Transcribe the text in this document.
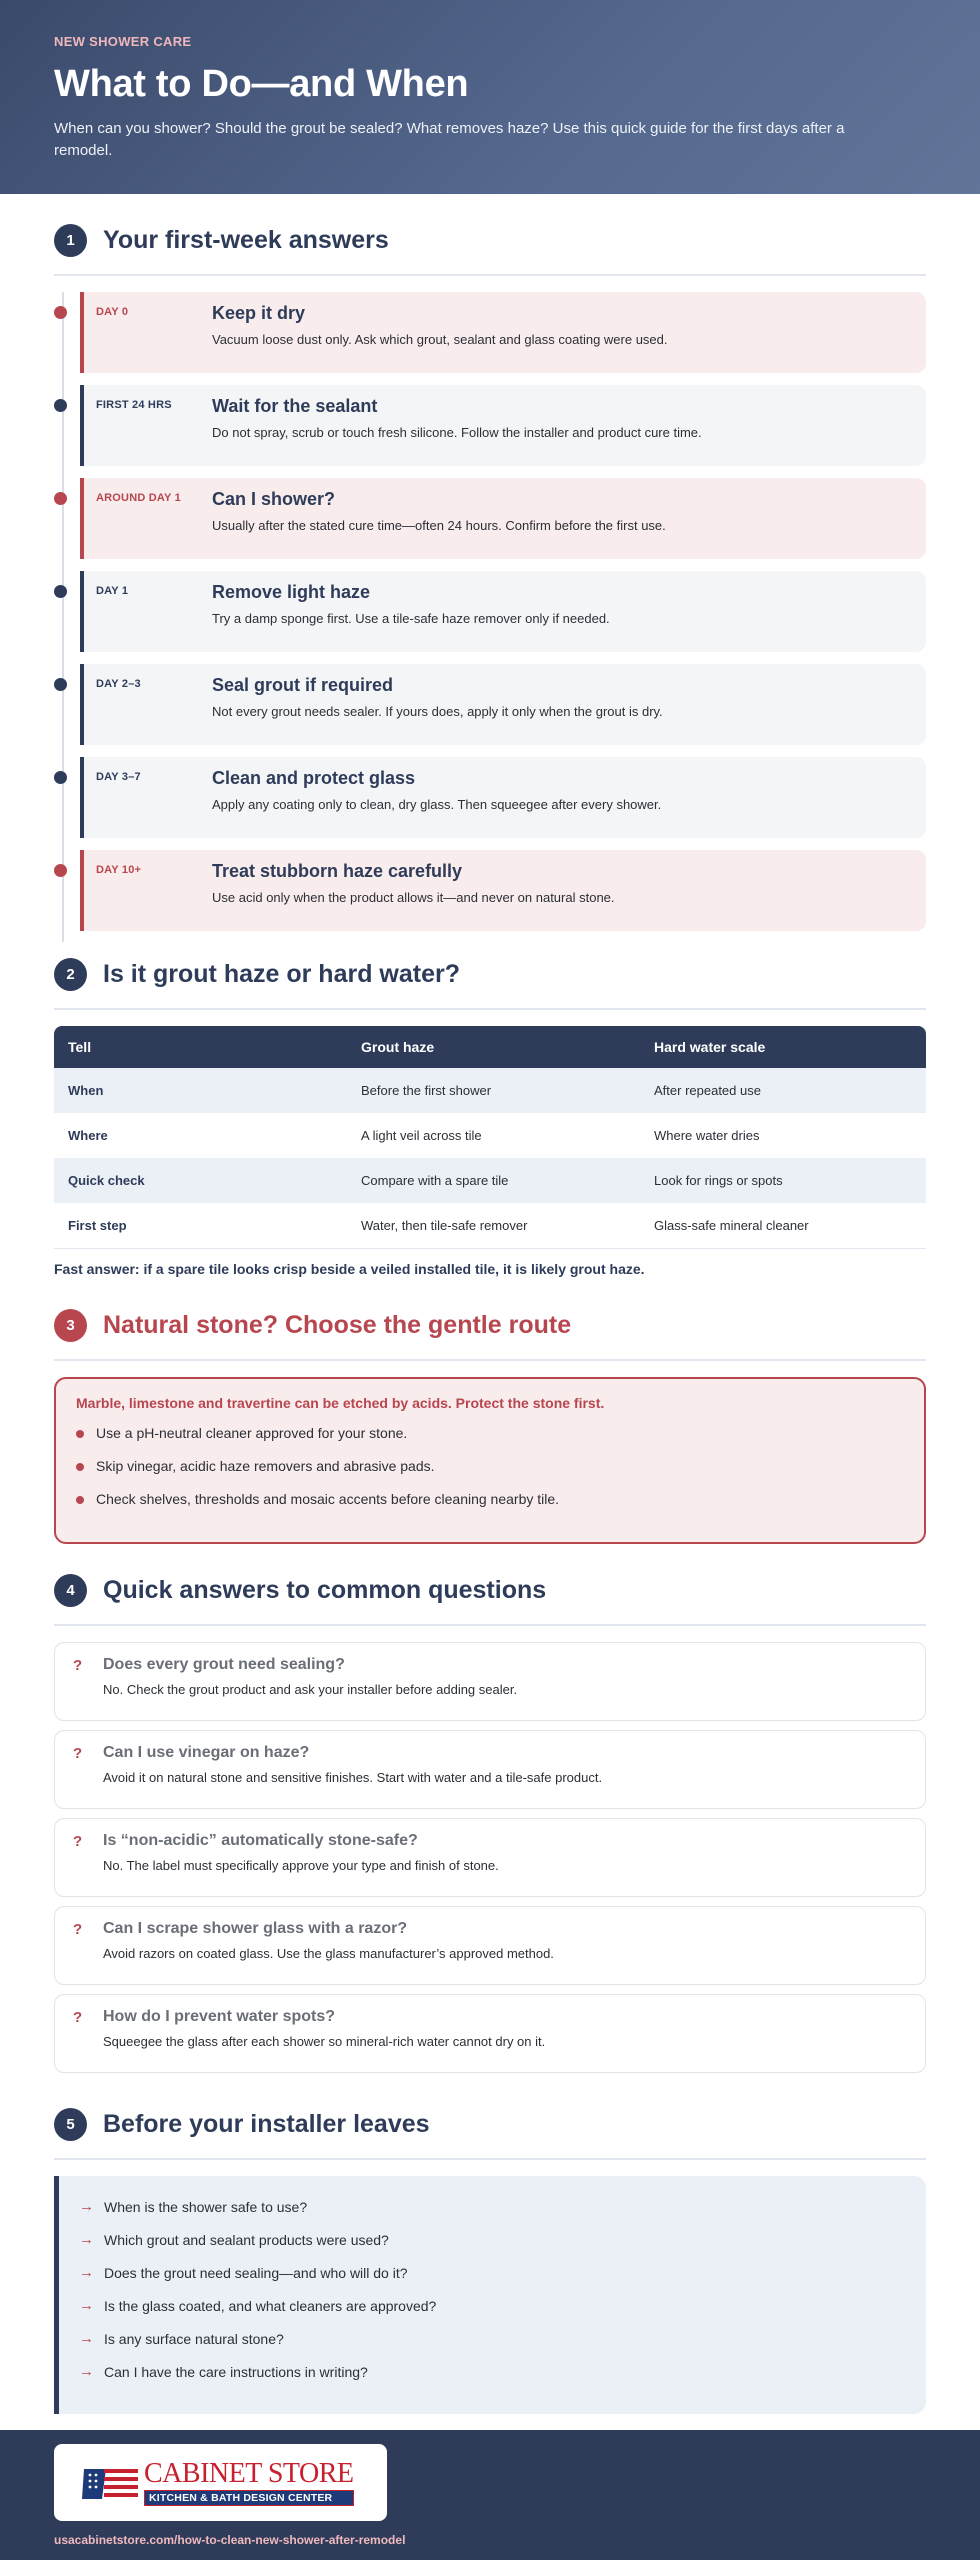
NEW SHOWER CARE
What to Do—and When

When can you shower? Should the grout be sealed? What removes haze? Use this quick guide for the first days after a remodel.

1	Your first-week answers
DAY 0	Keep it dry
Vacuum loose dust only. Ask which grout, sealant and glass coating were used.
FIRST 24 HRS Wait for the sealant
Do not spray, scrub or touch fresh silicone. Follow the installer and product cure time.
AROUND DAY 1 Can I shower?
Usually after the stated cure time—often 24 hours. Confirm before the first use.
DAY 1	Remove light haze
Try a damp sponge first. Use a tile-safe haze remover only if needed.
DAY 2–3	Seal grout if required
Not every grout needs sealer. If yours does, apply it only when the grout is dry.
DAY 3–7	Clean and protect glass
Apply any coating only to clean, dry glass. Then squeegee after every shower.
DAY 10+	Treat stubborn haze carefully
Use acid only when the product allows it—and never on natural stone.
2	Is it grout haze or hard water?
Tell	Grout haze	Hard water scale
When	Before the first shower	After repeated use
Where	A light veil across tile	Where water dries
Quick check	Compare with a spare tile	Look for rings or spots
First step	Water, then tile-safe remover	Glass-safe mineral cleaner
Fast answer: if a spare tile looks crisp beside a veiled installed tile, it is likely grout haze.
3	Natural stone? Choose the gentle route
Marble, limestone and travertine can be etched by acids. Protect the stone first.
Use a pH-neutral cleaner approved for your stone.
Skip vinegar, acidic haze removers and abrasive pads.
Check shelves, thresholds and mosaic accents before cleaning nearby tile.
4	Quick answers to common questions
? Does every grout need sealing?
No. Check the grout product and ask your installer before adding sealer.
? Can I use vinegar on haze?
Avoid it on natural stone and sensitive finishes. Start with water and a tile-safe product.
? Is “non-acidic” automatically stone-safe?
No. The label must specifically approve your type and finish of stone.
? Can I scrape shower glass with a razor?
Avoid razors on coated glass. Use the glass manufacturer’s approved method.
? How do I prevent water spots?
Squeegee the glass after each shower so mineral-rich water cannot dry on it.
5	Before your installer leaves
→ When is the shower safe to use?
→ Which grout and sealant products were used?
→ Does the grout need sealing—and who will do it?
→ Is the glass coated, and what cleaners are approved?
→ Is any surface natural stone?
→ Can I have the care instructions in writing?
CABINET STORE
KITCHEN & BATH DESIGN CENTER
usacabinetstore.com/how-to-clean-new-shower-after-remodel
